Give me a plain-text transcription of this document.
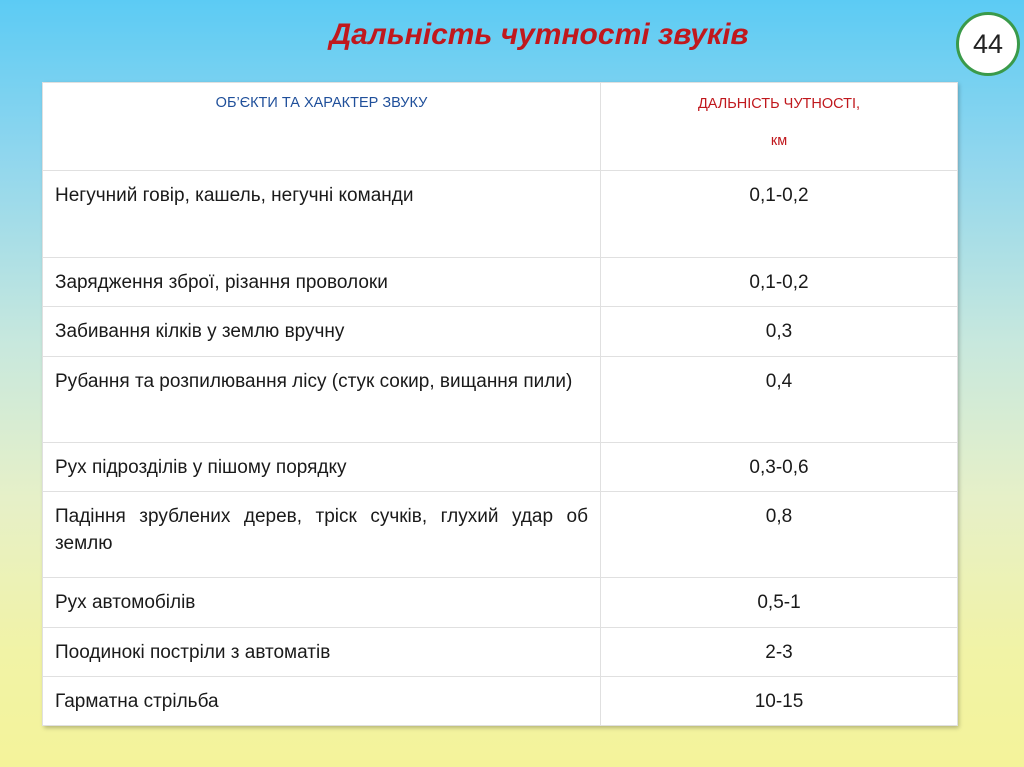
Дальність чутності звуків	44
ОБ’ЄКТИ ТА ХАРАКТЕР ЗВУКУ	ДАЛЬНІСТЬ ЧУТНОСТІ,
км

Негучний говір, кашель, негучні команди	0,1-0,2
Зарядження зброї, різання проволоки	0,1-0,2
Забивання кілків у землю вручну	0,3
Рубання та розпилювання лісу (стук сокир, вищання пили)	0,4
Рух підрозділів у пішому порядку	0,3-0,6
Падіння зрублених дерев, тріск сучків, глухий удар об землю	0,8
Рух автомобілів	0,5-1
Поодинокі постріли з автоматів	2-3
Гарматна стрільба	10-15
